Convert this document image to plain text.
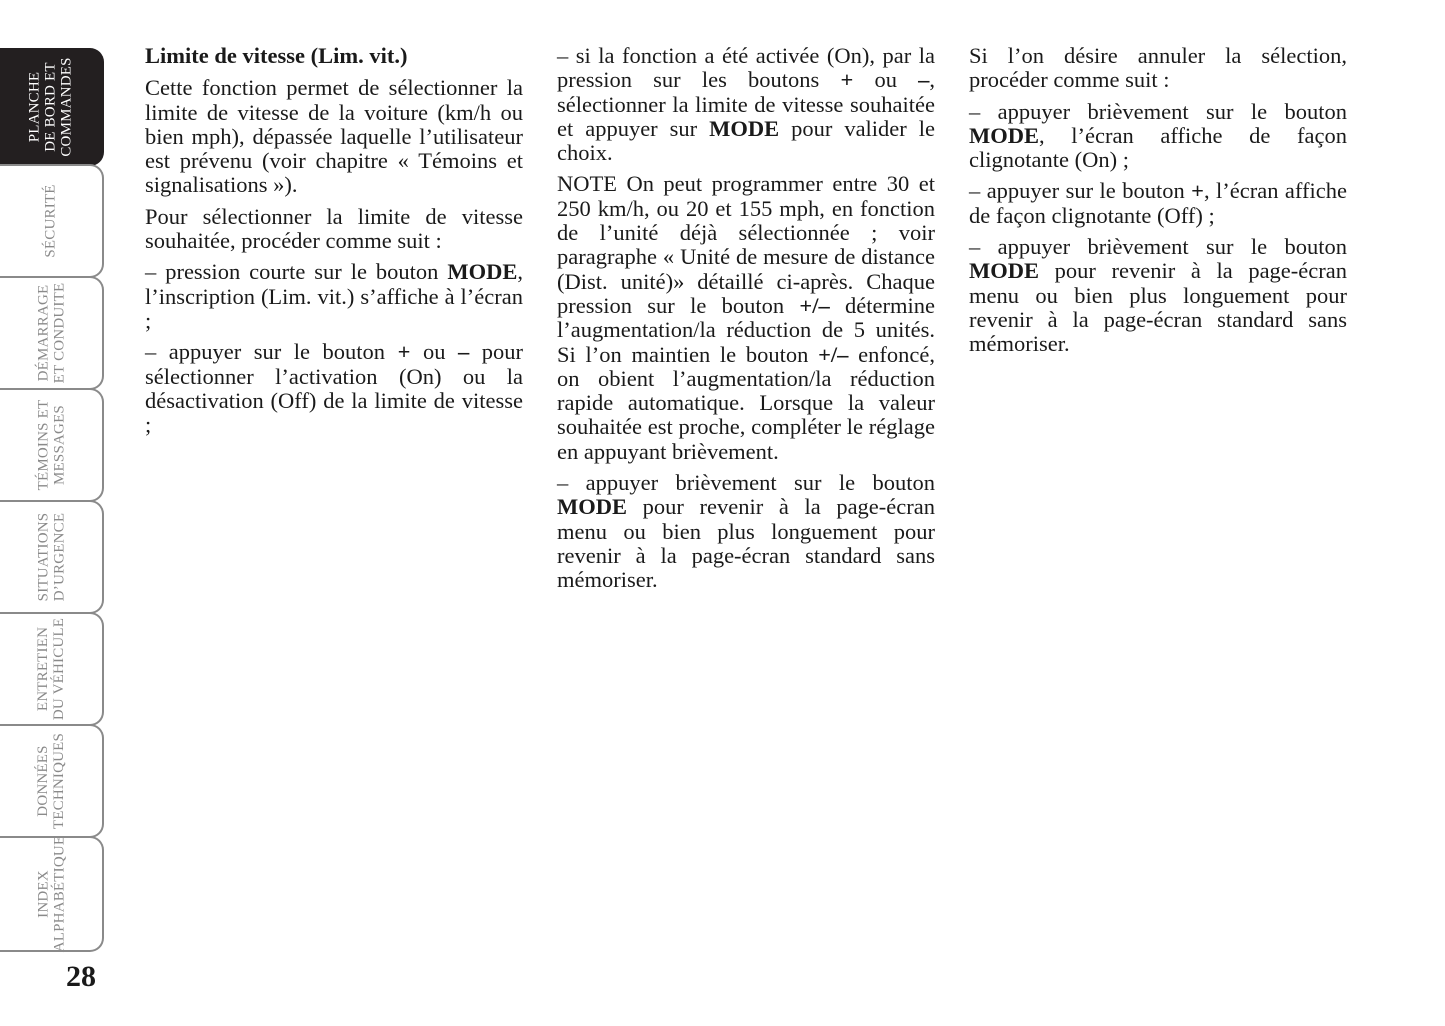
PLANCHE DE BORD ET COMMANDES
SÉCURITÉ
DÉMARRAGE ET CONDUITE
TÉMOINS ET MESSAGES
SITUATIONS D’URGENCE
ENTRETIEN DU VÉHICULE
DONNÉES TECHNIQUES
INDEX ALPHABÉTIQUE
28

Limite de vitesse (Lim. vit.)

Cette fonction permet de sélectionner la limite de vitesse de la voiture (km/h ou bien mph), dépassée laquelle l’utilisateur est prévenu (voir chapitre « Témoins et signalisations »).

Pour sélectionner la limite de vitesse souhaitée, procéder comme suit :

– pression courte sur le bouton MODE, l’inscription (Lim. vit.) s’affiche à l’écran ;

– appuyer sur le bouton + ou – pour sélectionner l’activation (On) ou la désactivation (Off) de la limite de vitesse ;

– si la fonction a été activée (On), par la pression sur les boutons + ou –, sélectionner la limite de vitesse souhaitée et appuyer sur MODE pour valider le choix.

NOTE On peut programmer entre 30 et 250 km/h, ou 20 et 155 mph, en fonction de l’unité déjà sélectionnée ; voir paragraphe « Unité de mesure de distance (Dist. unité)» détaillé ci-après. Chaque pression sur le bouton +/– détermine l’augmentation/la réduction de 5 unités. Si l’on maintien le bouton +/– enfoncé, on obient l’augmentation/la réduction rapide automatique. Lorsque la valeur souhaitée est proche, compléter le réglage en appuyant brièvement.

– appuyer brièvement sur le bouton MODE pour revenir à la page-écran menu ou bien plus longuement pour revenir à la page-écran standard sans mémoriser.

Si l’on désire annuler la sélection, procéder comme suit :

– appuyer brièvement sur le bouton MODE, l’écran affiche de façon clignotante (On) ;

– appuyer sur le bouton +, l’écran affiche de façon clignotante (Off) ;

– appuyer brièvement sur le bouton MODE pour revenir à la page-écran menu ou bien plus longuement pour revenir à la page-écran standard sans mémoriser.
